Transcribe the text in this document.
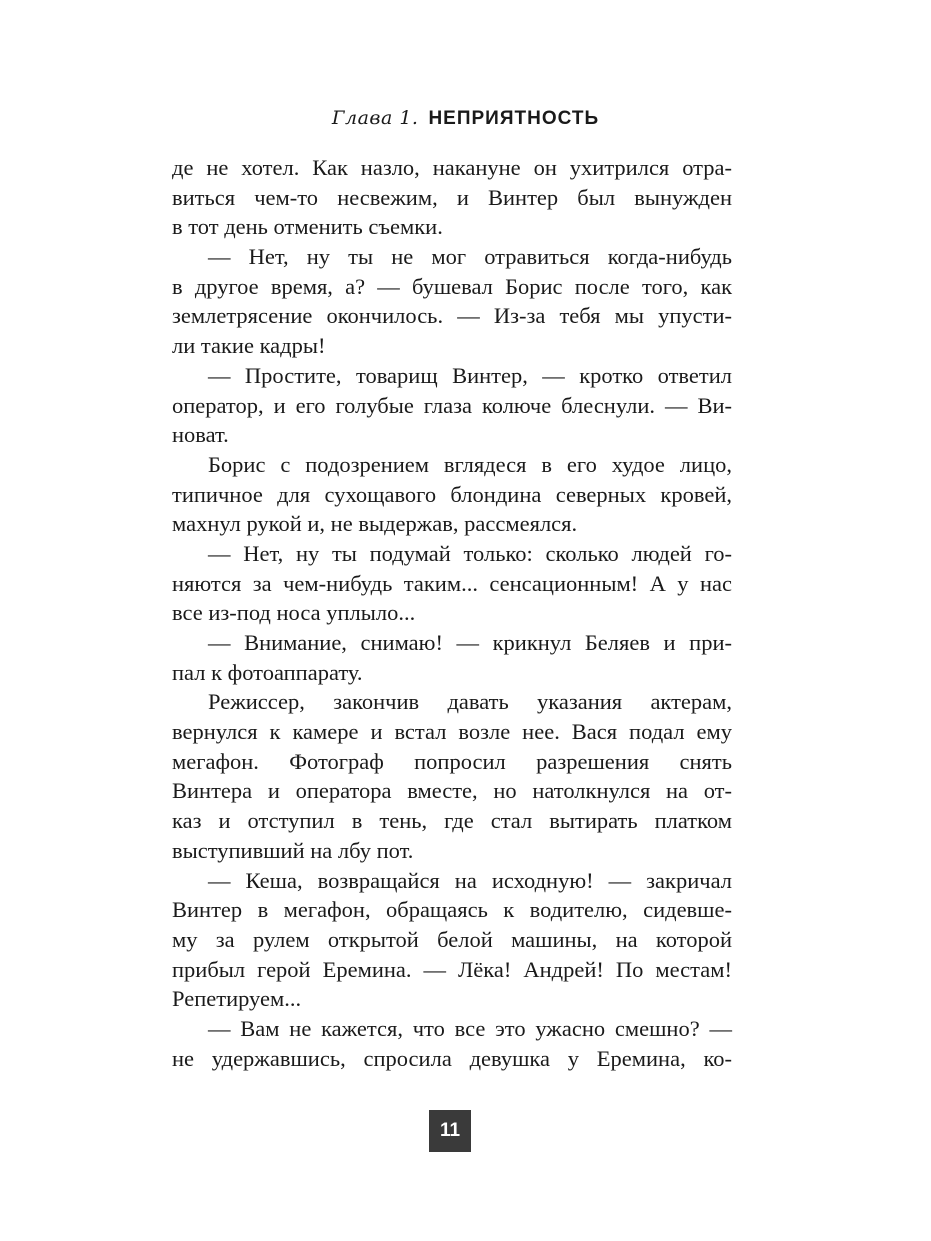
Глава 1. НЕПРИЯТНОСТЬ
де не хотел. Как назло, накануне он ухитрился отра-
виться чем-то несвежим, и Винтер был вынужден
в тот день отменить съемки.
— Нет, ну ты не мог отравиться когда-нибудь
в другое время, а? — бушевал Борис после того, как
землетрясение окончилось. — Из-за тебя мы упусти-
ли такие кадры!
— Простите, товарищ Винтер, — кротко ответил
оператор, и его голубые глаза колюче блеснули. — Ви-
новат.
Борис с подозрением вглядеся в его худое лицо,
типичное для сухощавого блондина северных кровей,
махнул рукой и, не выдержав, рассмеялся.
— Нет, ну ты подумай только: сколько людей го-
няются за чем-нибудь таким... сенсационным! А у нас
все из-под носа уплыло...
— Внимание, снимаю! — крикнул Беляев и при-
пал к фотоаппарату.
Режиссер, закончив давать указания актерам,
вернулся к камере и встал возле нее. Вася подал ему
мегафон. Фотограф попросил разрешения снять
Винтера и оператора вместе, но натолкнулся на от-
каз и отступил в тень, где стал вытирать платком
выступивший на лбу пот.
— Кеша, возвращайся на исходную! — закричал
Винтер в мегафон, обращаясь к водителю, сидевше-
му за рулем открытой белой машины, на которой
прибыл герой Еремина. — Лёка! Андрей! По местам!
Репетируем...
— Вам не кажется, что все это ужасно смешно? —
не удержавшись, спросила девушка у Еремина, ко-
11
